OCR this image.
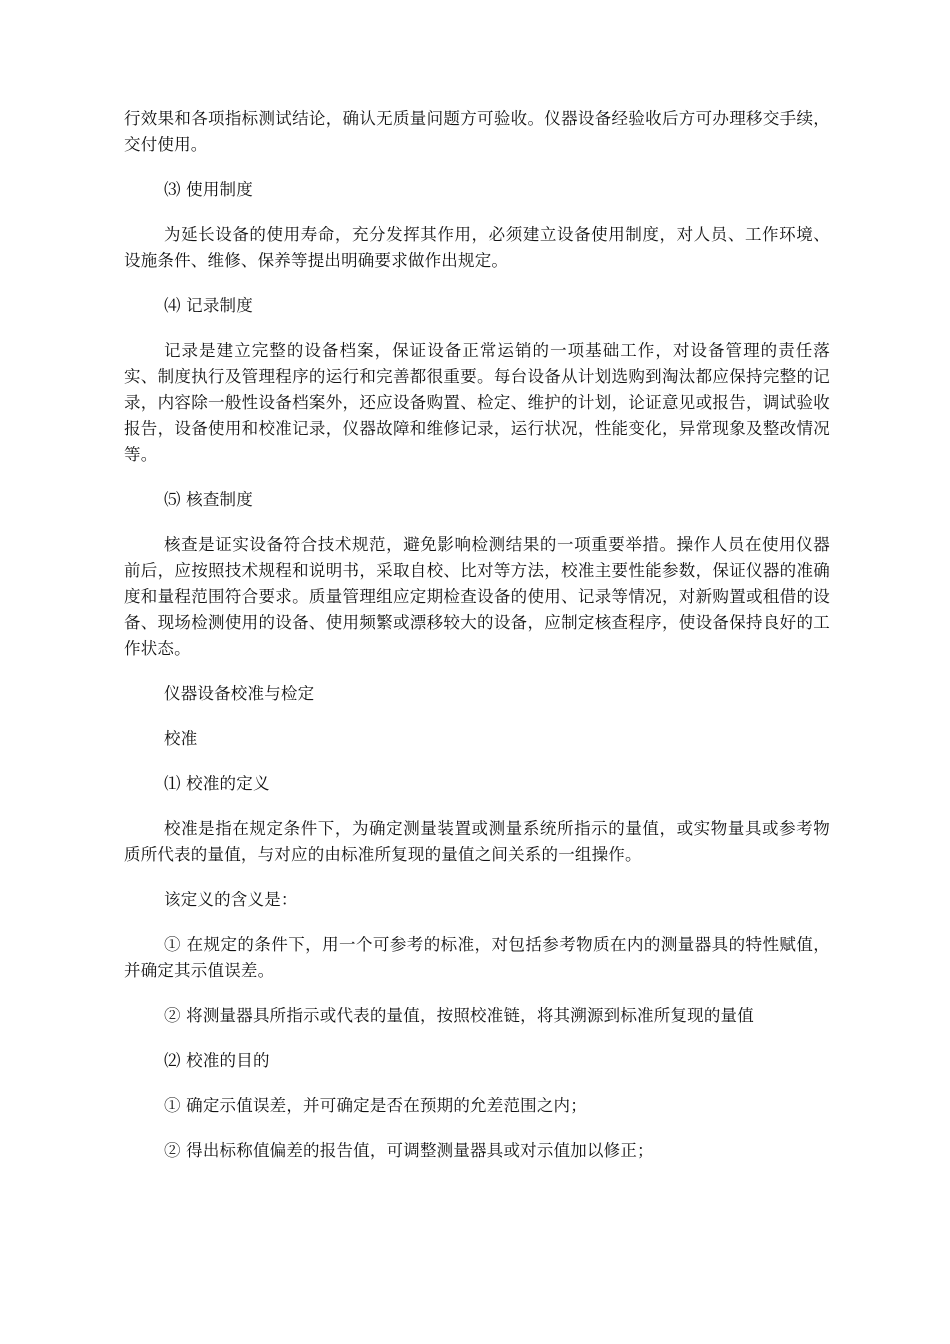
行效果和各项指标测试结论，确认无质量问题方可验收。仪器设备经验收后方可办理移交手续，交付使用。

⑶ 使用制度

为延长设备的使用寿命，充分发挥其作用，必须建立设备使用制度，对人员、工作环境、设施条件、维修、保养等提出明确要求做作出规定。

⑷ 记录制度

记录是建立完整的设备档案，保证设备正常运销的一项基础工作，对设备管理的责任落实、制度执行及管理程序的运行和完善都很重要。每台设备从计划选购到淘汰都应保持完整的记录，内容除一般性设备档案外，还应设备购置、检定、维护的计划，论证意见或报告，调试验收报告，设备使用和校准记录，仪器故障和维修记录，运行状况，性能变化，异常现象及整改情况等。

⑸ 核查制度

核查是证实设备符合技术规范，避免影响检测结果的一项重要举措。操作人员在使用仪器前后，应按照技术规程和说明书，采取自校、比对等方法，校准主要性能参数，保证仪器的准确度和量程范围符合要求。质量管理组应定期检查设备的使用、记录等情况，对新购置或租借的设备、现场检测使用的设备、使用频繁或漂移较大的设备，应制定核查程序，使设备保持良好的工作状态。

仪器设备校准与检定

校准

⑴ 校准的定义

校准是指在规定条件下，为确定测量装置或测量系统所指示的量值，或实物量具或参考物质所代表的量值，与对应的由标准所复现的量值之间关系的一组操作。

该定义的含义是：

① 在规定的条件下，用一个可参考的标准，对包括参考物质在内的测量器具的特性赋值，并确定其示值误差。

② 将测量器具所指示或代表的量值，按照校准链，将其溯源到标准所复现的量值

⑵ 校准的目的

① 确定示值误差，并可确定是否在预期的允差范围之内；

② 得出标称值偏差的报告值，可调整测量器具或对示值加以修正；
